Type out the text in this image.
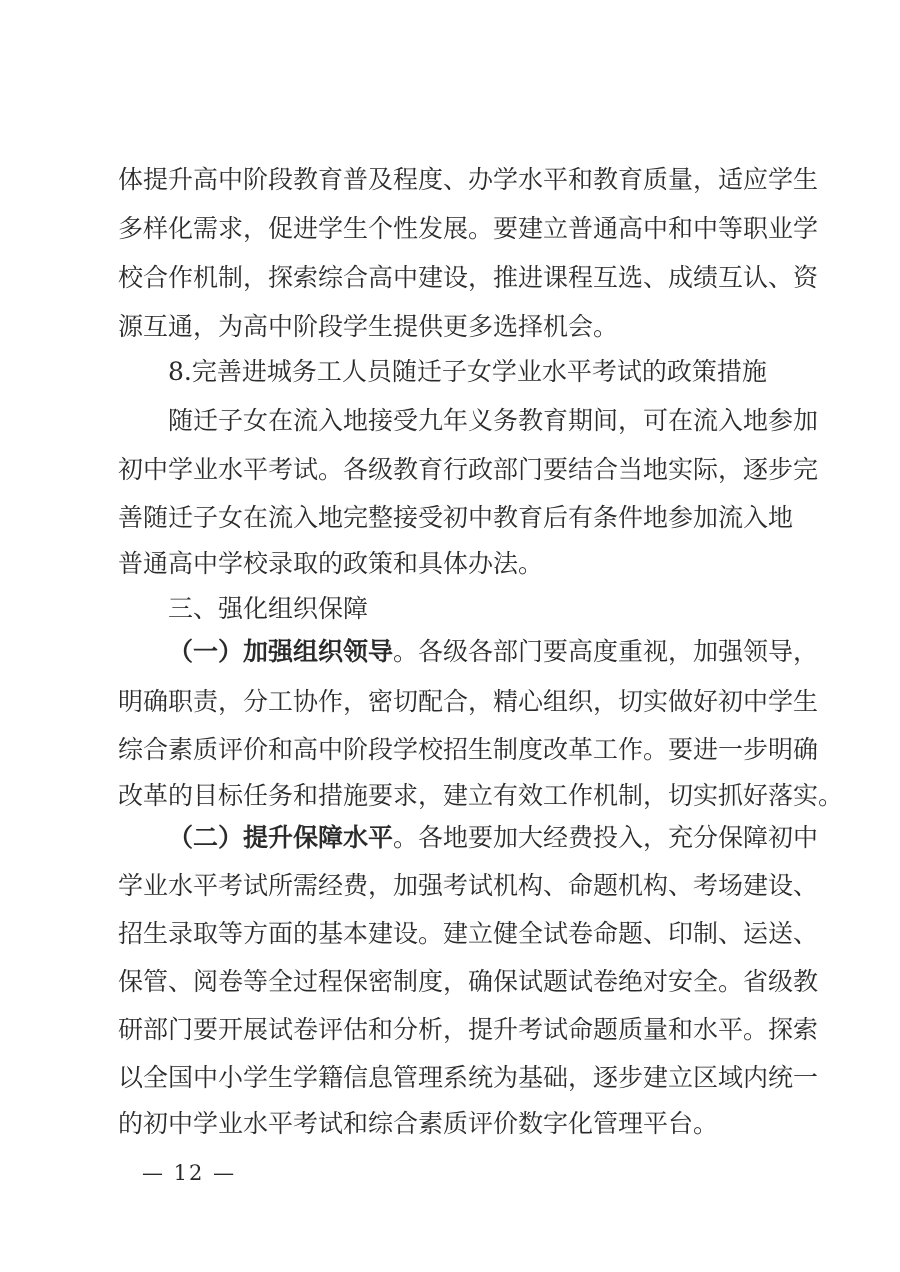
体提升高中阶段教育普及程度、办学水平和教育质量，适应学生
多样化需求，促进学生个性发展。要建立普通高中和中等职业学
校合作机制，探索综合高中建设，推进课程互选、成绩互认、资
源互通，为高中阶段学生提供更多选择机会。
8.完善进城务工人员随迁子女学业水平考试的政策措施
随迁子女在流入地接受九年义务教育期间，可在流入地参加
初中学业水平考试。各级教育行政部门要结合当地实际，逐步完
善随迁子女在流入地完整接受初中教育后有条件地参加流入地
普通高中学校录取的政策和具体办法。
三、强化组织保障
（一）加强组织领导。各级各部门要高度重视，加强领导，
明确职责，分工协作，密切配合，精心组织，切实做好初中学生
综合素质评价和高中阶段学校招生制度改革工作。要进一步明确
改革的目标任务和措施要求，建立有效工作机制，切实抓好落实。
（二）提升保障水平。各地要加大经费投入，充分保障初中
学业水平考试所需经费，加强考试机构、命题机构、考场建设、
招生录取等方面的基本建设。建立健全试卷命题、印制、运送、
保管、阅卷等全过程保密制度，确保试题试卷绝对安全。省级教
研部门要开展试卷评估和分析，提升考试命题质量和水平。探索
以全国中小学生学籍信息管理系统为基础，逐步建立区域内统一
的初中学业水平考试和综合素质评价数字化管理平台。
— 12 —
